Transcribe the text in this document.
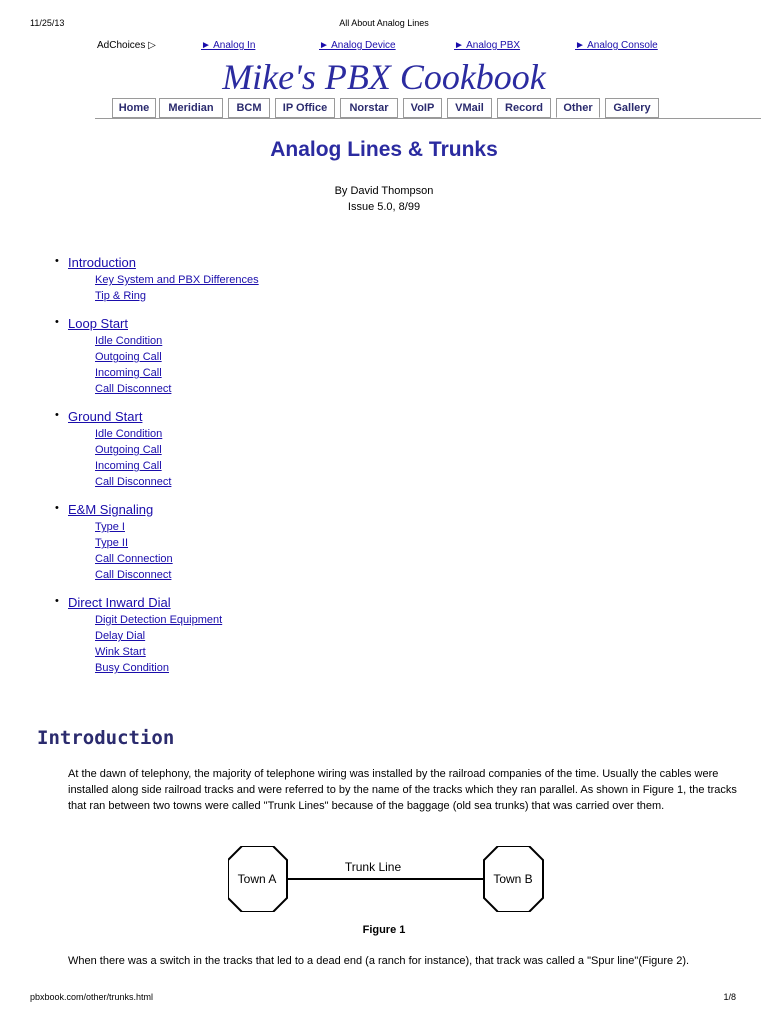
11/25/13	All About Analog Lines
AdChoices ▷	► Analog In	► Analog Device	► Analog PBX	► Analog Console
Mike's PBX Cookbook
Home	Meridian	BCM	IP Office	Norstar	VoIP	VMail	Record	Other	Gallery
Analog Lines & Trunks
By David Thompson
Issue 5.0, 8/99
• Introduction
Key System and PBX Differences
Tip & Ring
• Loop Start
Idle Condition
Outgoing Call
Incoming Call
Call Disconnect
• Ground Start
Idle Condition
Outgoing Call
Incoming Call
Call Disconnect
• E&M Signaling
Type I
Type II
Call Connection
Call Disconnect
• Direct Inward Dial
Digit Detection Equipment
Delay Dial
Wink Start
Busy Condition
Introduction
At the dawn of telephony, the majority of telephone wiring was installed by the railroad companies of the time. Usually the cables were installed along side railroad tracks and were referred to by the name of the tracks which they ran parallel. As shown in Figure 1, the tracks that ran between two towns were called "Trunk Lines" because of the baggage (old sea trunks) that was carried over them.
Town A
Trunk Line
Town B
Figure 1
When there was a switch in the tracks that led to a dead end (a ranch for instance), that track was called a "Spur line"(Figure 2).
pbxbook.com/other/trunks.html	1/8
